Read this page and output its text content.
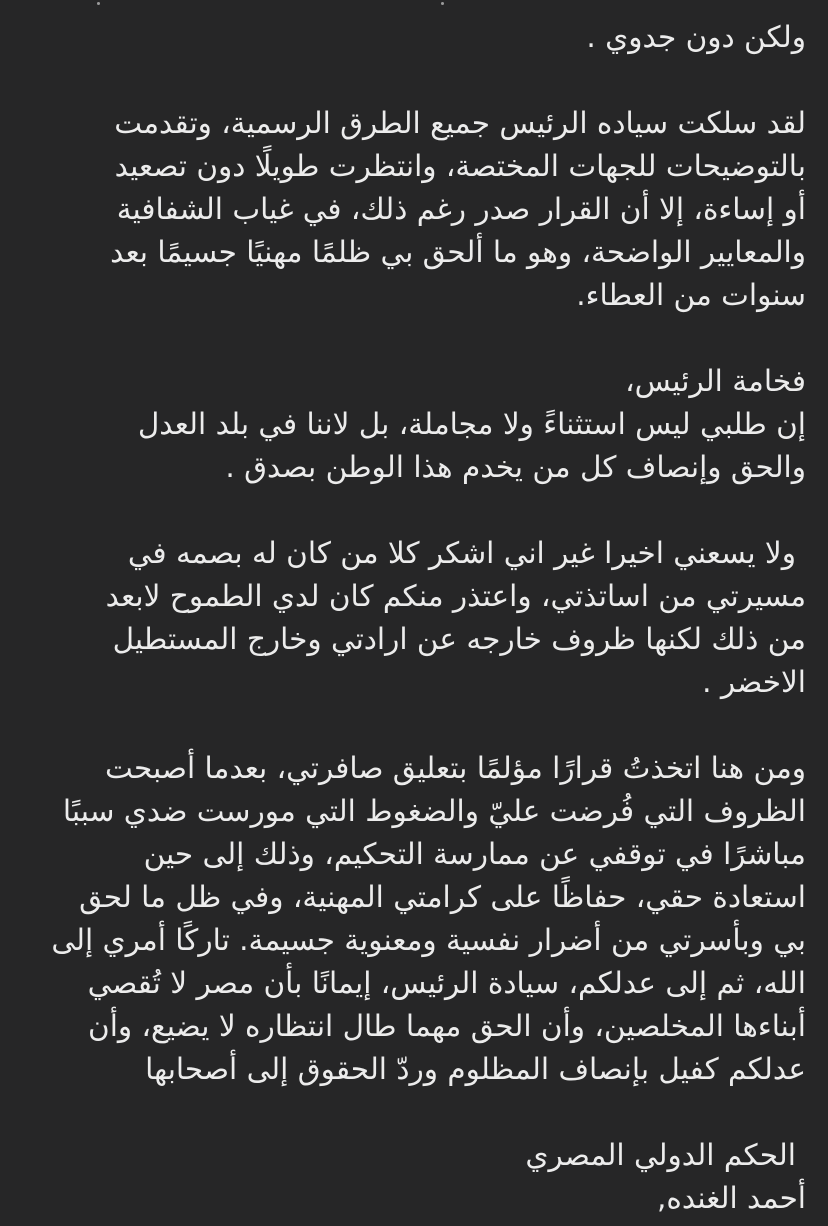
ولكن دون جدوي .

لقد سلكت سياده الرئيس جميع الطرق الرسمية، وتقدمت
بالتوضيحات للجهات المختصة، وانتظرت طويلًا دون تصعيد
أو إساءة، إلا أن القرار صدر رغم ذلك، في غياب الشفافية
والمعايير الواضحة، وهو ما ألحق بي ظلمًا مهنيًا جسيمًا بعد
سنوات من العطاء.

فخامة الرئيس،
إن طلبي ليس استثناءً ولا مجاملة، بل لاننا في بلد العدل
والحق وإنصاف كل من يخدم هذا الوطن بصدق .

ولا يسعني اخيرا غير اني اشكر كلا من كان له بصمه في
مسيرتي من اساتذتي، واعتذر منكم كان لدي الطموح لابعد
من ذلك لكنها ظروف خارجه عن ارادتي وخارج المستطيل
الاخضر .

ومن هنا اتخذتُ قرارًا مؤلمًا بتعليق صافرتي، بعدما أصبحت
الظروف التي فُرضت عليّ والضغوط التي مورست ضدي سببًا
مباشرًا في توقفي عن ممارسة التحكيم، وذلك إلى حين
استعادة حقي، حفاظًا على كرامتي المهنية، وفي ظل ما لحق
بي وبأسرتي من أضرار نفسية ومعنوية جسيمة. تاركًا أمري إلى
الله، ثم إلى عدلكم، سيادة الرئيس، إيمانًا بأن مصر لا تُقصي
أبناءها المخلصين، وأن الحق مهما طال انتظاره لا يضيع، وأن
عدلكم كفيل بإنصاف المظلوم وردّ الحقوق إلى أصحابها

الحكم الدولي المصري
أحمد الغنده,
